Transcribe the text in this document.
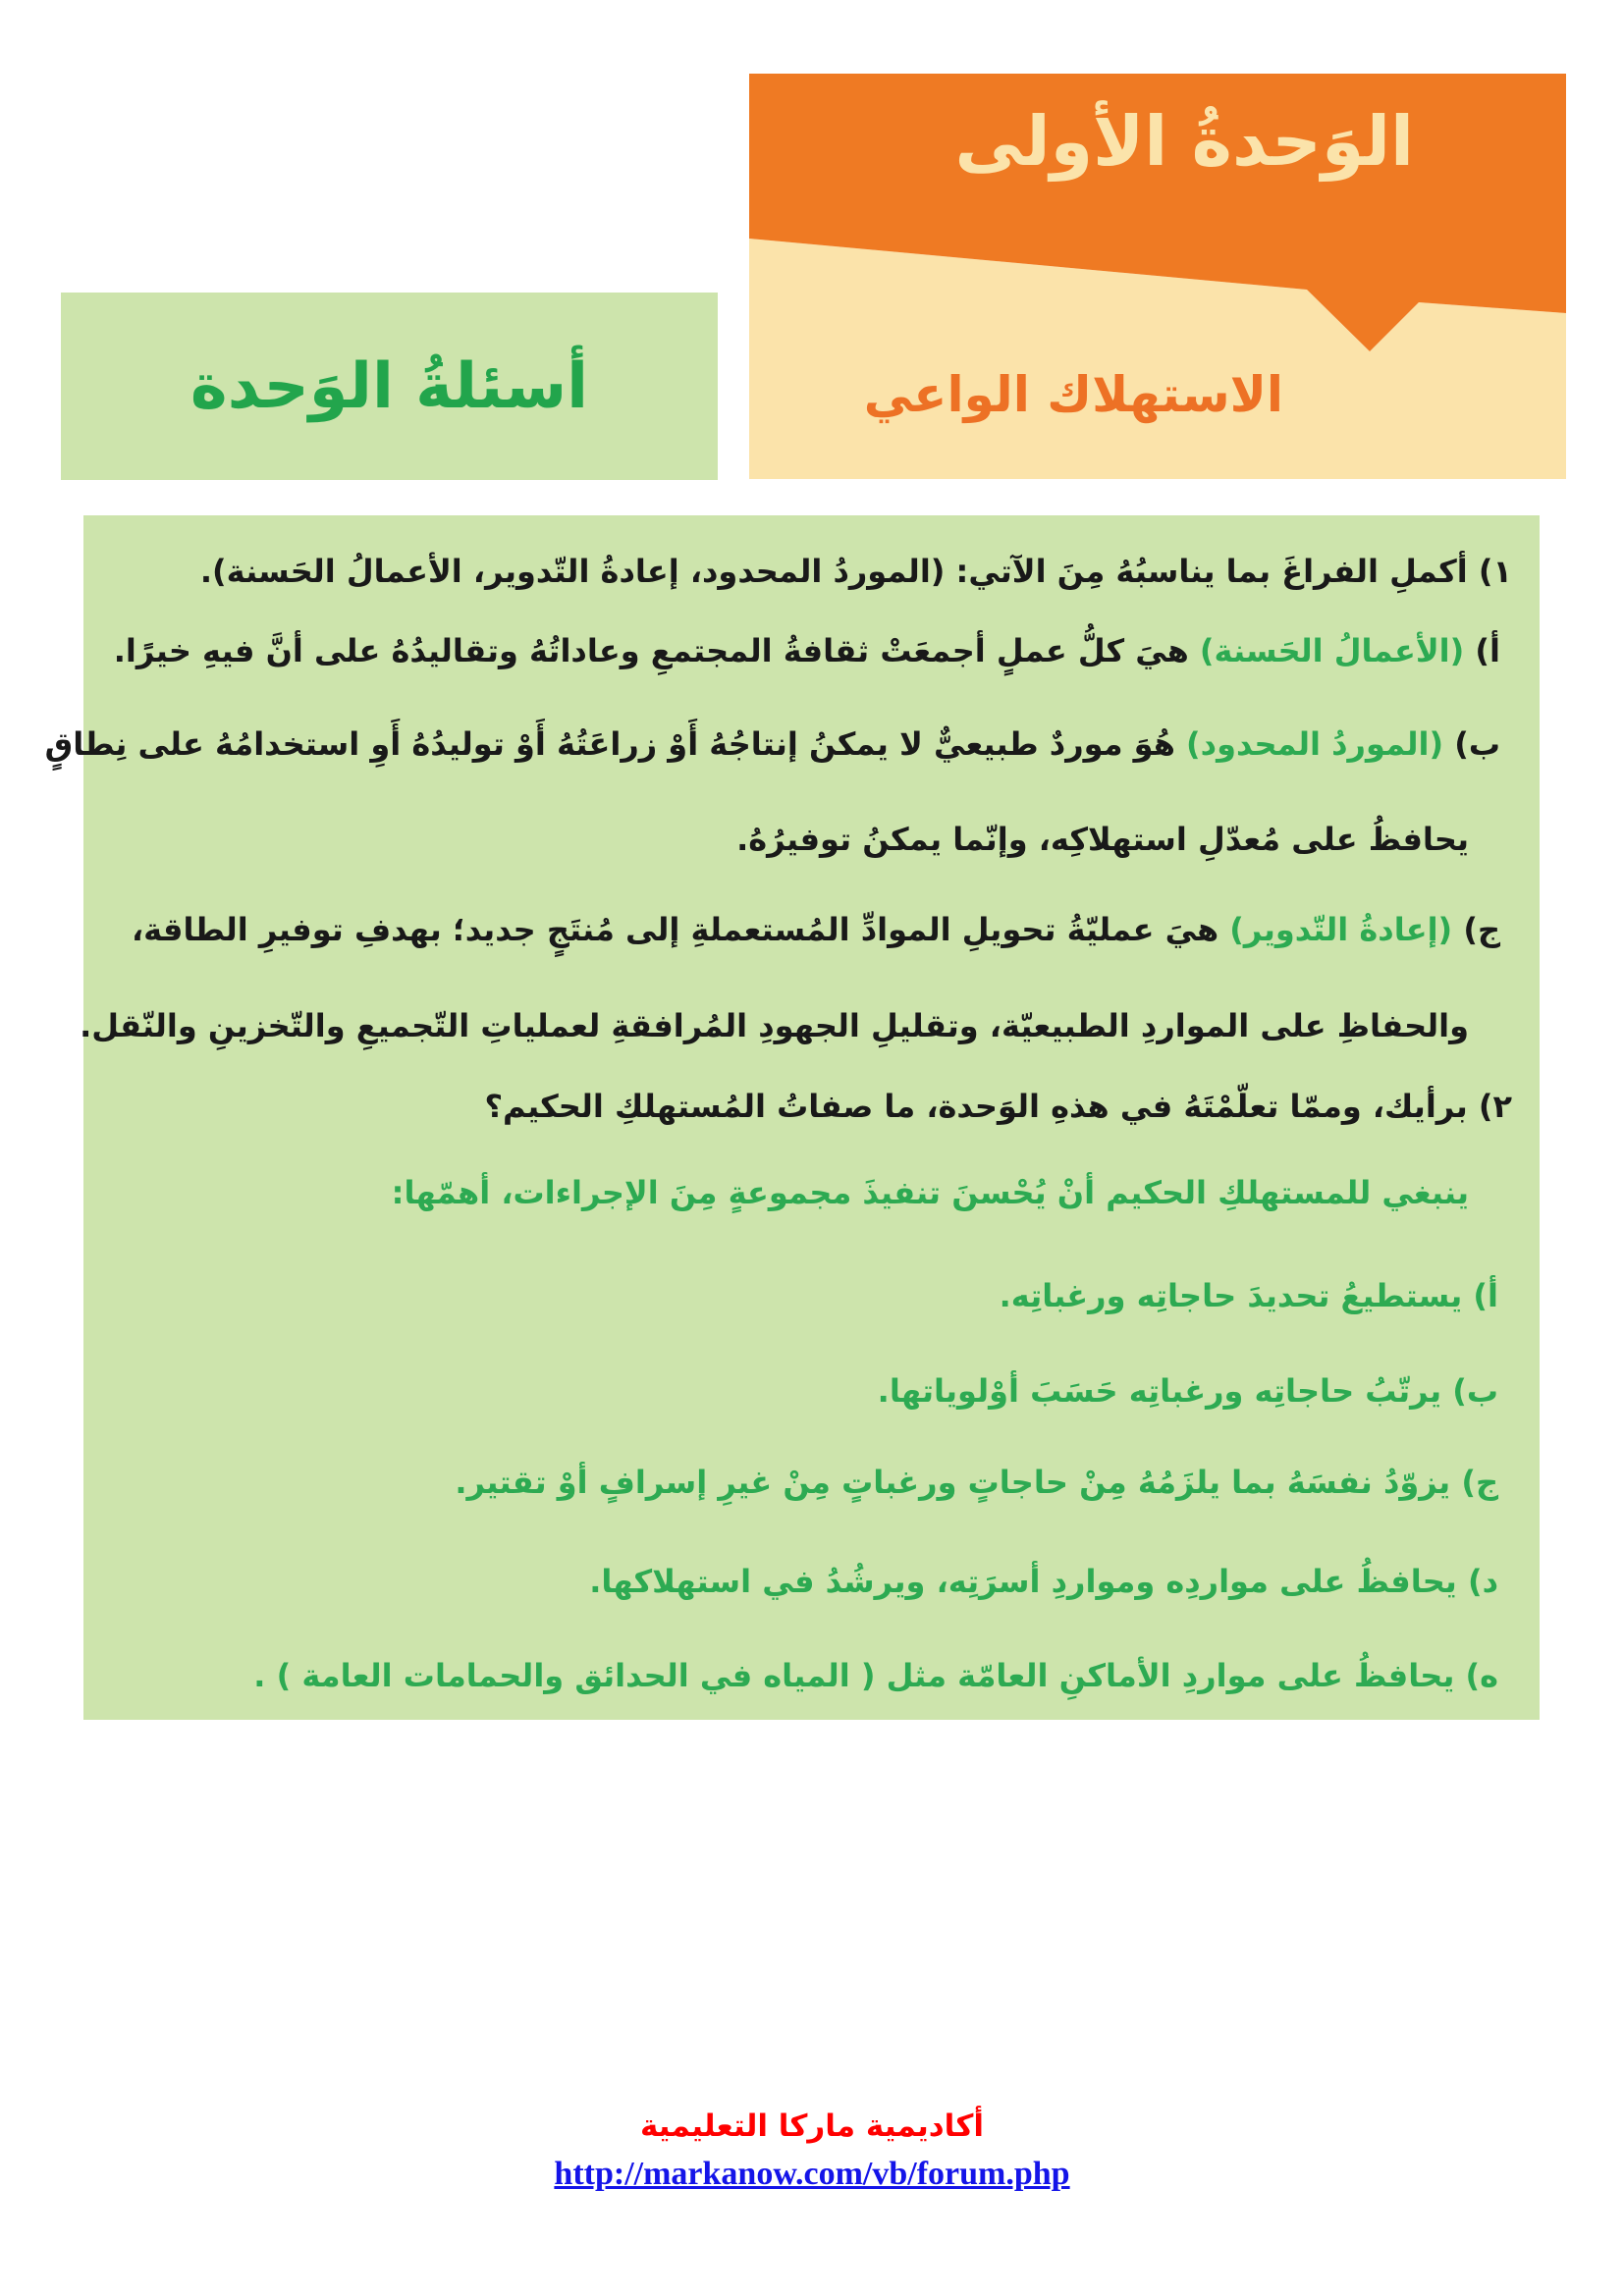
الوَحدةُ الأولى
الاستهلاك الواعي
أسئلةُ الوَحدة

١) أكملِ الفراغَ بما يناسبُهُ مِنَ الآتي: (الموردُ المحدود، إعادةُ التّدوير، الأعمالُ الحَسنة).

أ) (الأعمالُ الحَسنة) هيَ كلُّ عملٍ أجمعَتْ ثقافةُ المجتمعِ وعاداتُهُ وتقاليدُهُ على أنَّ فيهِ خيرًا.

ب) (الموردُ المحدود) هُوَ موردٌ طبيعيٌّ لا يمكنُ إنتاجُهُ أَوْ زراعَتُهُ أَوْ توليدُهُ أَوِ استخدامُهُ على نِطاقٍ

يحافظُ على مُعدّلِ استهلاكِه، وإنّما يمكنُ توفيرُهُ.

ج) (إعادةُ التّدوير) هيَ عمليّةُ تحويلِ الموادِّ المُستعملةِ إلى مُنتَجٍ جديد؛ بهدفِ توفيرِ الطاقة،

والحفاظِ على المواردِ الطبيعيّة، وتقليلِ الجهودِ المُرافقةِ لعملياتِ التّجميعِ والتّخزينِ والنّقل.

٢) برأيك، وممّا تعلّمْتَهُ في هذهِ الوَحدة، ما صفاتُ المُستهلكِ الحكيم؟

ينبغي للمستهلكِ الحكيم أنْ يُحْسنَ تنفيذَ مجموعةٍ مِنَ الإجراءات، أهمّها:

أ) يستطيعُ تحديدَ حاجاتِه ورغباتِه.

ب) يرتّبُ حاجاتِه ورغباتِه حَسَبَ أوْلوياتها.

ج) يزوّدُ نفسَهُ بما يلزَمُهُ مِنْ حاجاتٍ ورغباتٍ مِنْ غيرِ إسرافٍ أوْ تقتير.

د) يحافظُ على مواردِه ومواردِ أسرَتِه، ويرشُدُ في استهلاكها.

ه) يحافظُ على مواردِ الأماكنِ العامّة مثل ( المياه في الحدائق والحمامات العامة ) .

أكاديمية ماركا التعليمية
http://markanow.com/vb/forum.php
